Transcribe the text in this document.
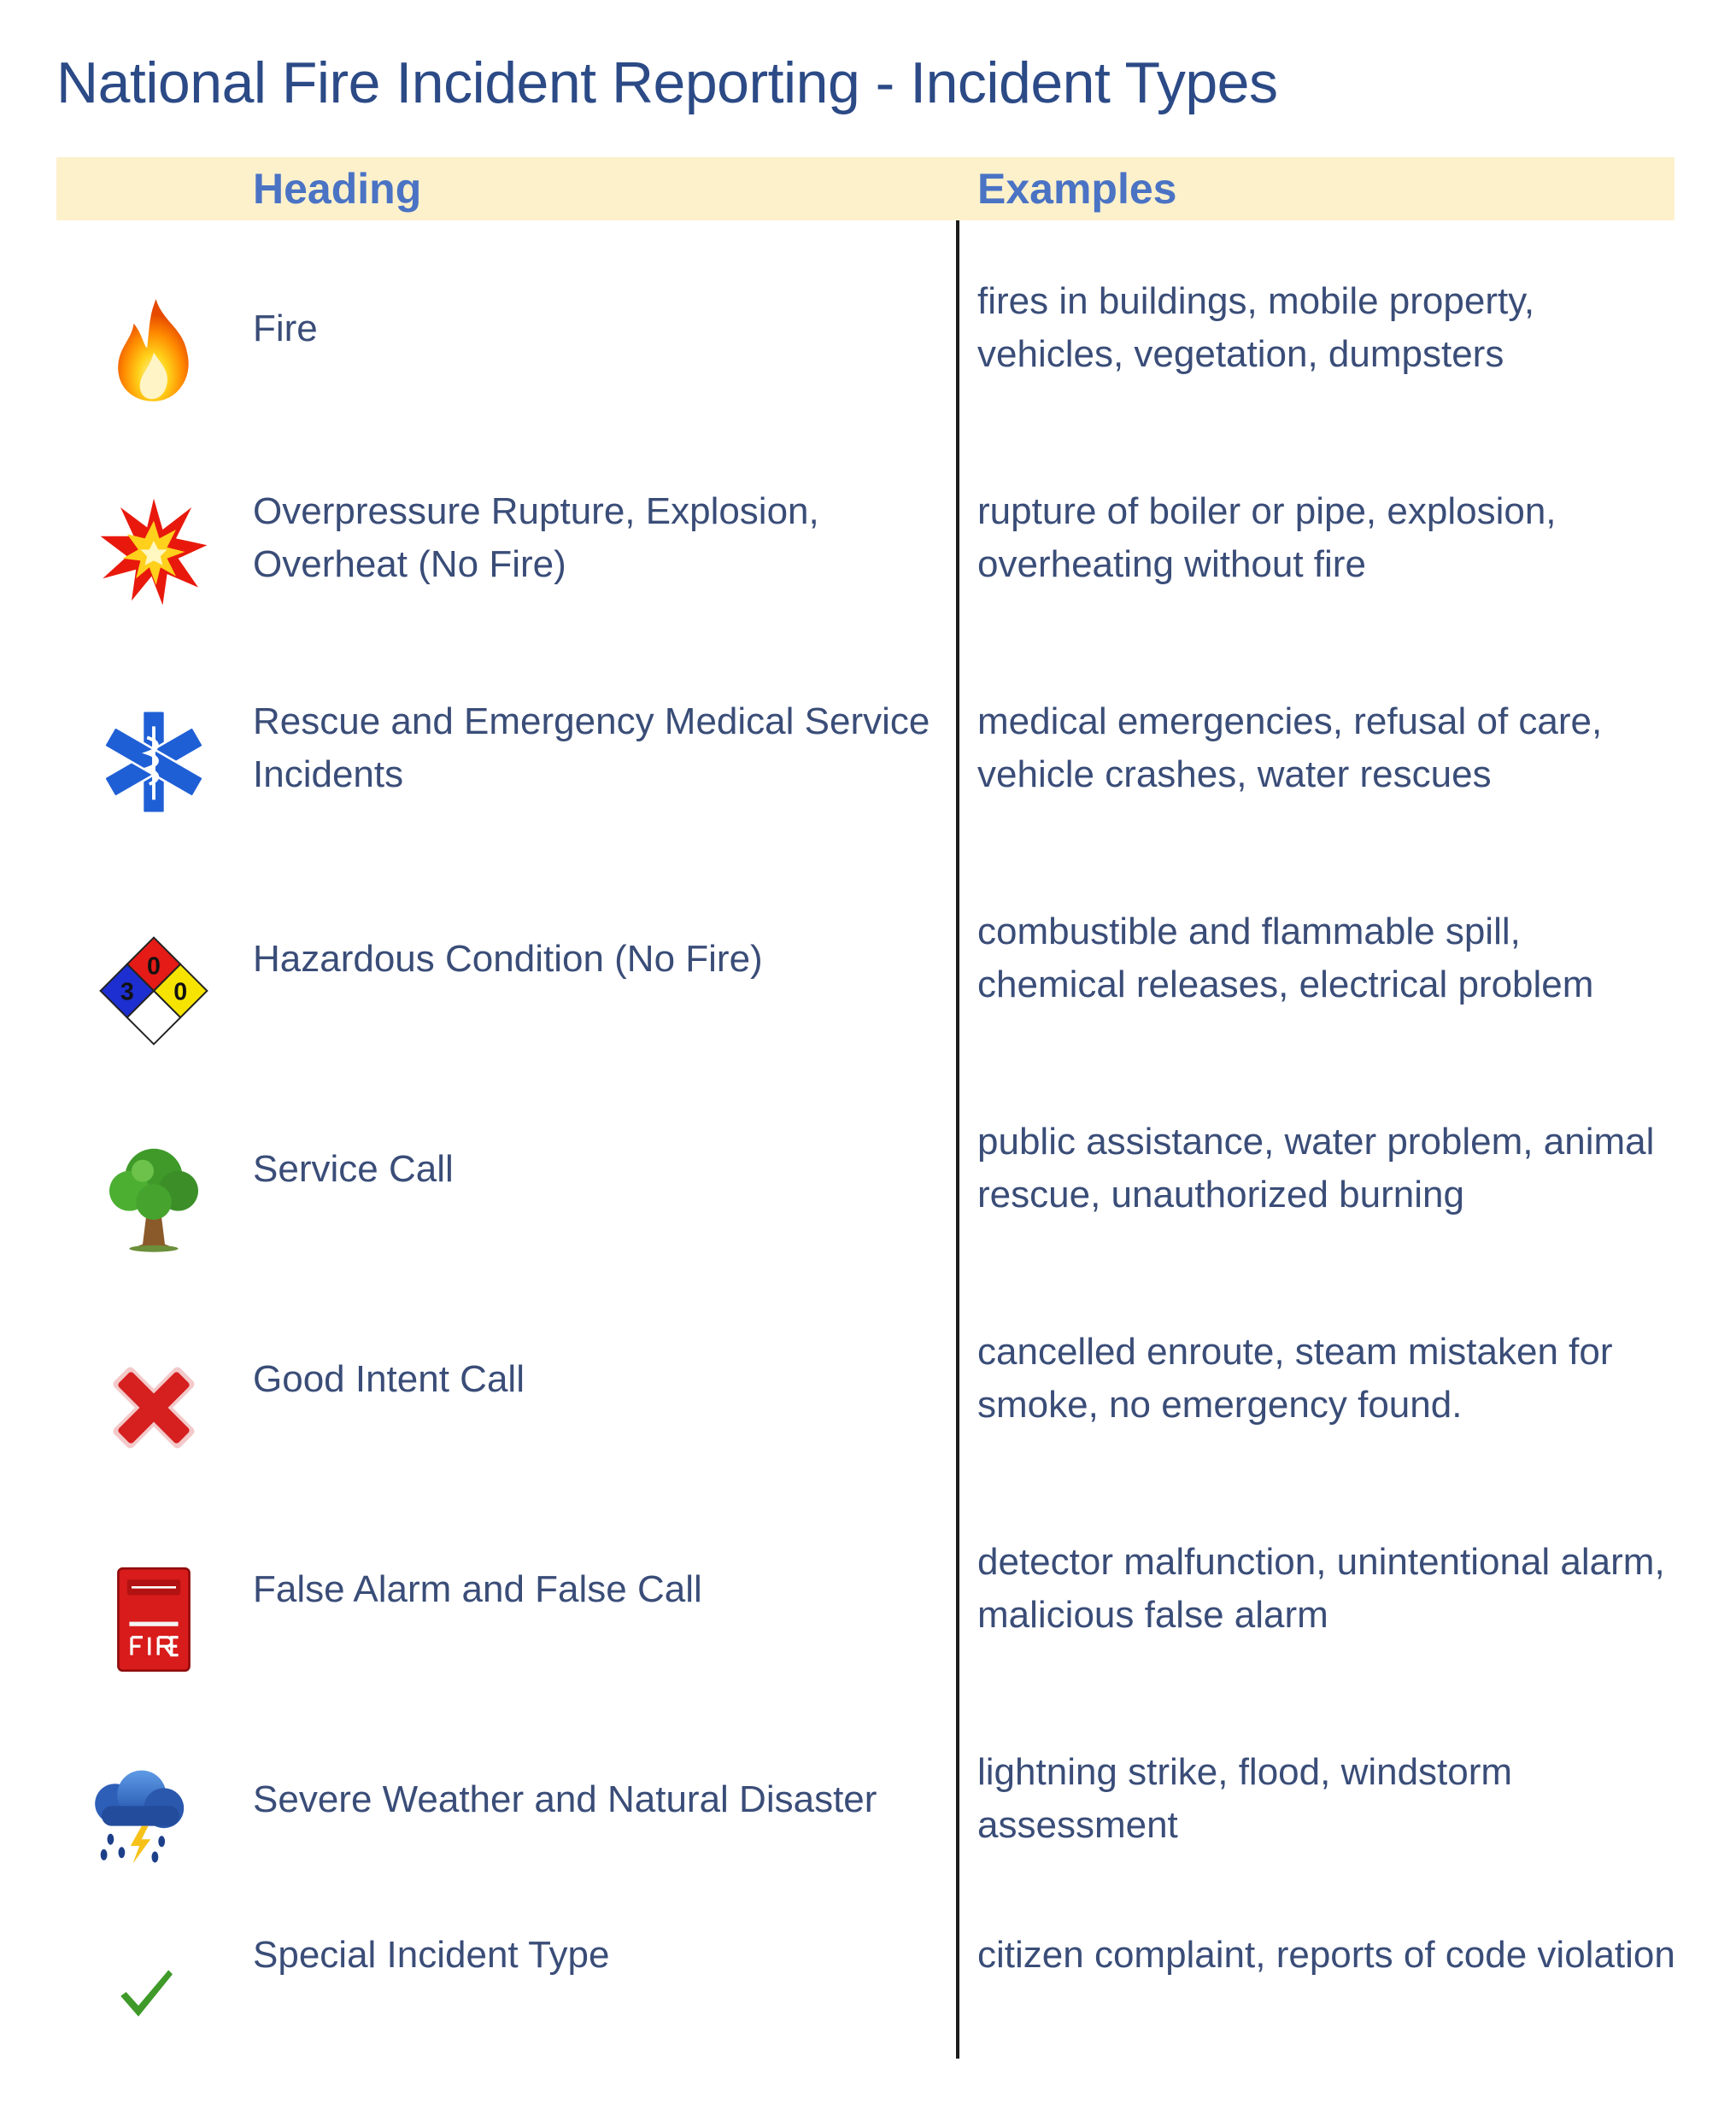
National Fire Incident Reporting - Incident Types
Heading	Examples
Fire
fires in buildings, mobile property, vehicles, vegetation, dumpsters
Overpressure Rupture, Explosion, Overheat (No Fire)
rupture of boiler or pipe, explosion, overheating without fire
Rescue and Emergency Medical Service Incidents
medical emergencies, refusal of care, vehicle crashes, water rescues
0
3 0
Hazardous Condition (No Fire)
combustible and flammable spill, chemical releases, electrical problem
Service Call
public assistance, water problem, animal rescue, unauthorized burning
Good Intent Call
cancelled enroute, steam mistaken for smoke, no emergency found.
False Alarm and False Call
detector malfunction, unintentional alarm, malicious false alarm
Severe Weather and Natural Disaster
lightning strike, flood, windstorm assessment
Special Incident Type	citizen complaint, reports of code violation
